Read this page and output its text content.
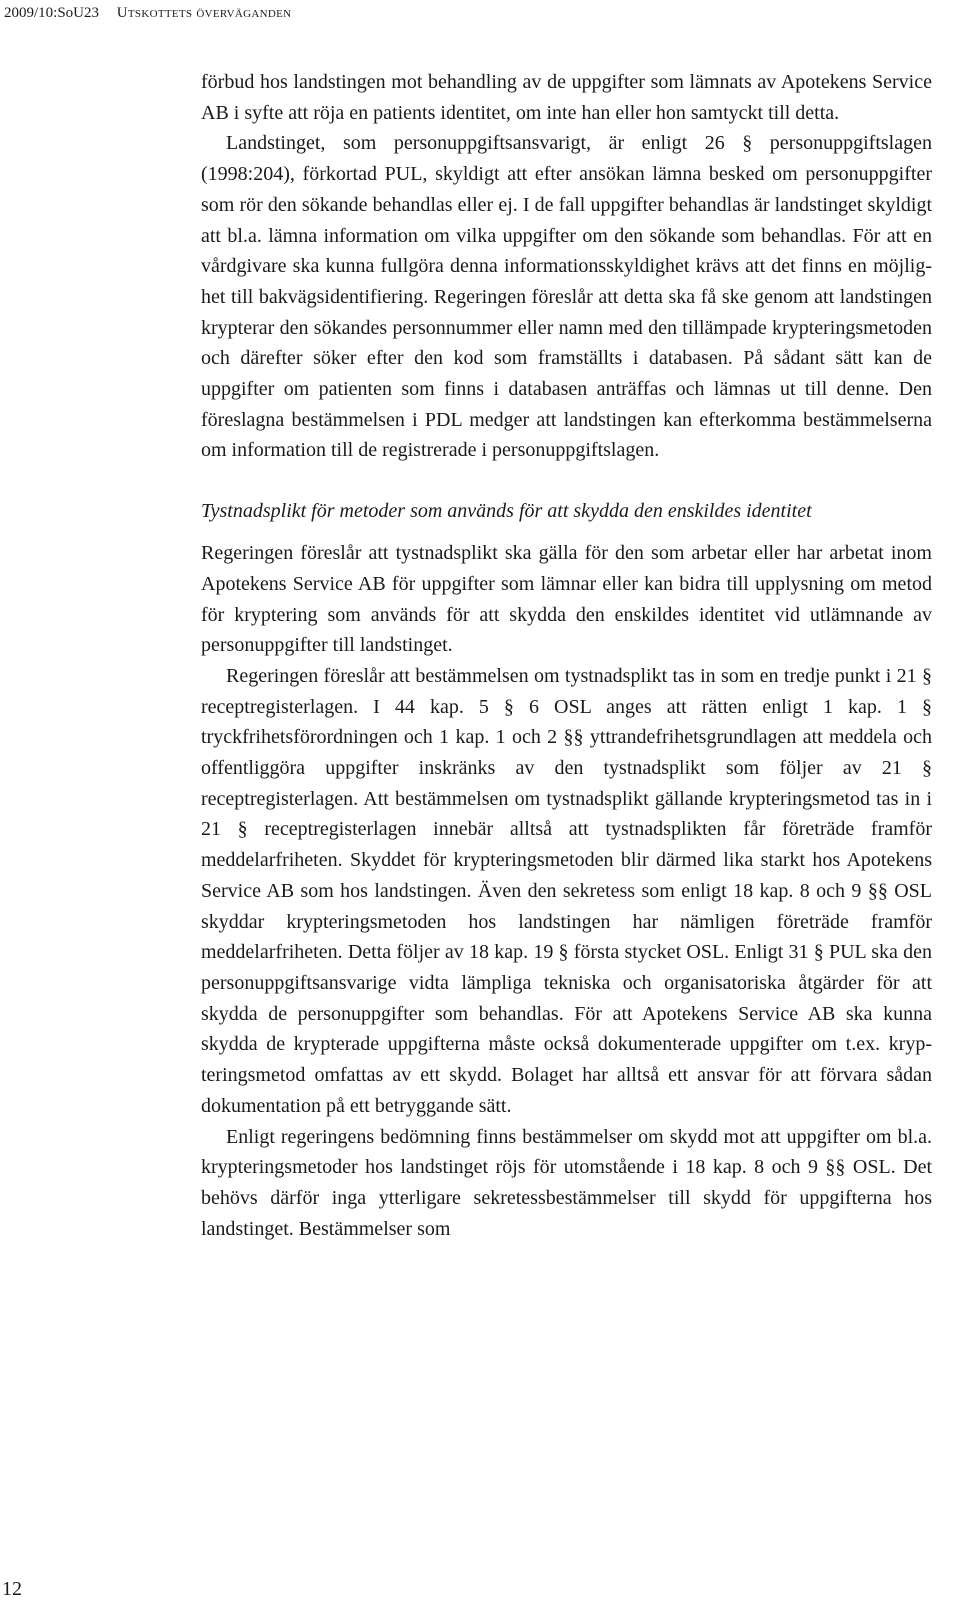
2009/10:SoU23 Utskottets överväganden

förbud hos landstingen mot behandling av de uppgifter som lämnats av Apotekens Service AB i syfte att röja en patients identitet, om inte han eller hon samtyckt till detta.

Landstinget, som personuppgiftsansvarigt, är enligt 26 § personuppgiftslagen (1998:204), förkortad PUL, skyldigt att efter ansökan lämna besked om personuppgifter som rör den sökande behandlas eller ej. I de fall uppgifter behandlas är landstinget skyldigt att bl.a. lämna information om vilka uppgifter om den sökande som behandlas. För att en vårdgivare ska kunna fullgöra denna informationsskyldighet krävs att det finns en möjlighet till bakvägsidentifiering. Regeringen föreslår att detta ska få ske genom att landstingen krypterar den sökandes personnummer eller namn med den tillämpade krypteringsmetoden och därefter söker efter den kod som framställts i databasen. På sådant sätt kan de uppgifter om patienten som finns i databasen anträffas och lämnas ut till denne. Den föreslagna bestämmelsen i PDL medger att landstingen kan efterkomma bestämmelserna om information till de registrerade i personuppgiftslagen.

Tystnadsplikt för metoder som används för att skydda den enskildes identitet

Regeringen föreslår att tystnadsplikt ska gälla för den som arbetar eller har arbetat inom Apotekens Service AB för uppgifter som lämnar eller kan bidra till upplysning om metod för kryptering som används för att skydda den enskildes identitet vid utlämnande av personuppgifter till landstinget.

Regeringen föreslår att bestämmelsen om tystnadsplikt tas in som en tredje punkt i 21 § receptregisterlagen. I 44 kap. 5 § 6 OSL anges att rätten enligt 1 kap. 1 § tryckfrihetsförordningen och 1 kap. 1 och 2 §§ yttrandefrihetsgrundlagen att meddela och offentliggöra uppgifter inskränks av den tystnadsplikt som följer av 21 § receptregisterlagen. Att bestämmelsen om tystnadsplikt gällande krypteringsmetod tas in i 21 § receptregisterlagen innebär alltså att tystnadsplikten får företräde framför meddelarfriheten. Skyddet för krypteringsmetoden blir därmed lika starkt hos Apotekens Service AB som hos landstingen. Även den sekretess som enligt 18 kap. 8 och 9 §§ OSL skyddar krypteringsmetoden hos landstingen har nämligen företräde framför meddelarfriheten. Detta följer av 18 kap. 19 § första stycket OSL. Enligt 31 § PUL ska den personuppgiftsansvarige vidta lämpliga tekniska och organisatoriska åtgärder för att skydda de personuppgifter som behandlas. För att Apotekens Service AB ska kunna skydda de krypterade uppgifterna måste också dokumenterade uppgifter om t.ex. krypteringsmetod omfattas av ett skydd. Bolaget har alltså ett ansvar för att förvara sådan dokumentation på ett betryggande sätt.

Enligt regeringens bedömning finns bestämmelser om skydd mot att uppgifter om bl.a. krypteringsmetoder hos landstinget röjs för utomstående i 18 kap. 8 och 9 §§ OSL. Det behövs därför inga ytterligare sekretessbestämmelser till skydd för uppgifterna hos landstinget. Bestämmelser som

12
